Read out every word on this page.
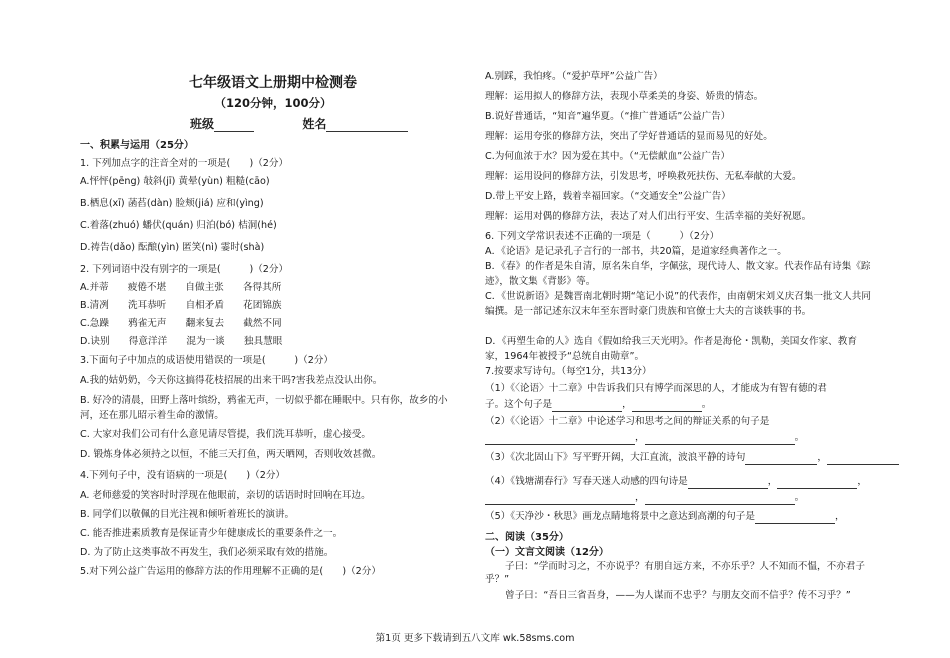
七年级语文上册期中检测卷
（120分钟，100分）
班级	姓名
一、积累与运用（25分）
1. 下列加点字的注音全对的一项是(　　)（2分）
A.怦怦(pēng) 敧斜(jī) 黄晕(yùn) 粗糙(cāo)
B.栖息(xī) 菡萏(dàn) 脸颊(jiá) 应和(yìng)
C.着落(zhuó) 蟠伏(quán) 归泊(bó) 桔洞(hé)
D.祷告(dǎo) 酝酿(yìn) 匿笑(nì) 霎时(shà)
2. 下列词语中没有别字的一项是(　　　)（2分）
A.并蒂　　疲倦不堪　　自做主张　　各得其所
B.清冽　　洗耳恭听　　自相矛盾　　花团锦族
C.急躁　　鸦雀无声　　翻来复去　　截然不同
D.诀别　　得意洋洋　　混为一谈　　独具慧眼
3.下面句子中加点的成语使用错误的一项是(　　　)（2分）
A.我的姑奶奶，今天你这搞得花枝招展的出来干吗?害我差点没认出你。
B. 好冷的清晨，田野上落叶缤纷，鸦雀无声，一切似乎都在睡眠中。只有你，故乡的小河，还在那儿昭示着生命的激情。
C. 大家对我们公司有什么意见请尽管提，我们洗耳恭听，虚心接受。
D. 锻炼身体必须持之以恒，不能三天打鱼，两天晒网，否则收效甚微。
4.下列句子中，没有语病的一项是(　　)（2分）
A. 老师慈爱的笑容时时浮现在他眼前，亲切的话语时时回响在耳边。
B. 同学们以敬佩的目光注视和倾听着班长的演讲。
C. 能否推进素质教育是保证青少年健康成长的重要条件之一。
D. 为了防止这类事故不再发生，我们必须采取有效的措施。
5.对下列公益广告运用的修辞方法的作用理解不正确的是(　　)（2分）
A.别踩，我怕疼。（“爱护草坪”公益广告）
理解：运用拟人的修辞方法，表现小草柔美的身姿、娇贵的情态。
B.说好普通话，“知音”遍华夏。（“推广普通话”公益广告）
理解：运用夸张的修辞方法，突出了学好普通话的显而易见的好处。
C.为何血浓于水？因为爱在其中。（“无偿献血”公益广告）
理解：运用设问的修辞方法，引发思考，呼唤救死扶伤、无私奉献的大爱。
D.带上平安上路，载着幸福回家。（“交通安全”公益广告）
理解：运用对偶的修辞方法，表达了对人们出行平安、生活幸福的美好祝愿。
6. 下列文学常识表述不正确的一项是（　　　）（2分）
A．《论语》是记录孔子言行的一部书，共20篇，是道家经典著作之一。
B．《春》的作者是朱自清，原名朱自华，字佩弦，现代诗人、散文家。代表作品有诗集《踪迹》，散文集《背影》等。
C．《世说新语》是魏晋南北朝时期“笔记小说”的代表作，由南朝宋刘义庆召集一批文人共同编撰。是一部记述东汉末年至东晋时豪门贵族和官僚士大夫的言谈轶事的书。
D．《再塑生命的人》选自《假如给我三天光明》。作者是海伦・凯勒，美国女作家、教育家，1964年被授予“总统自由勋章”。
7.按要求写诗句。（每空1分，共13分）
（1）《〈论语〉十二章》中告诉我们只有博学而深思的人，才能成为有智有德的君
子。这个句子是	，	。
（2）《〈论语〉十二章》中论述学习和思考之间的辩证关系的句子是
，	。
（3）《次北固山下》写平野开阔，大江直流，波浪平静的诗句	，
（4）《钱塘湖春行》写春天迷人动感的四句诗是	，	，
，	。
（5）《天净沙・秋思》画龙点睛地将景中之意达到高潮的句子是	，
二、阅读（35分）
（一）文言文阅读（12分）
子曰：“学而时习之，不亦说乎？有朋自远方来，不亦乐乎？人不知而不愠，不亦君子乎？”
曾子曰：“吾日三省吾身，——为人谋而不忠乎？与朋友交而不信乎？传不习乎？”
第1页 更多下载请到五八文库 wk.58sms.com
